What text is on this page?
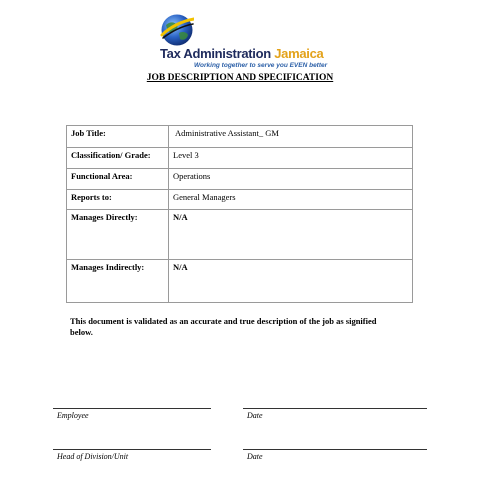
Tax Administration Jamaica
Working together to serve you EVEN better
JOB DESCRIPTION AND SPECIFICATION
Job Title:	Administrative Assistant_ GM
Classification/ Grade:	Level 3
Functional Area:	Operations
Reports to:	General Managers
Manages Directly:	N/A
Manages Indirectly:	N/A
This document is validated as an accurate and true description of the job as signified below.
Employee	Date
Head of Division/Unit	Date
